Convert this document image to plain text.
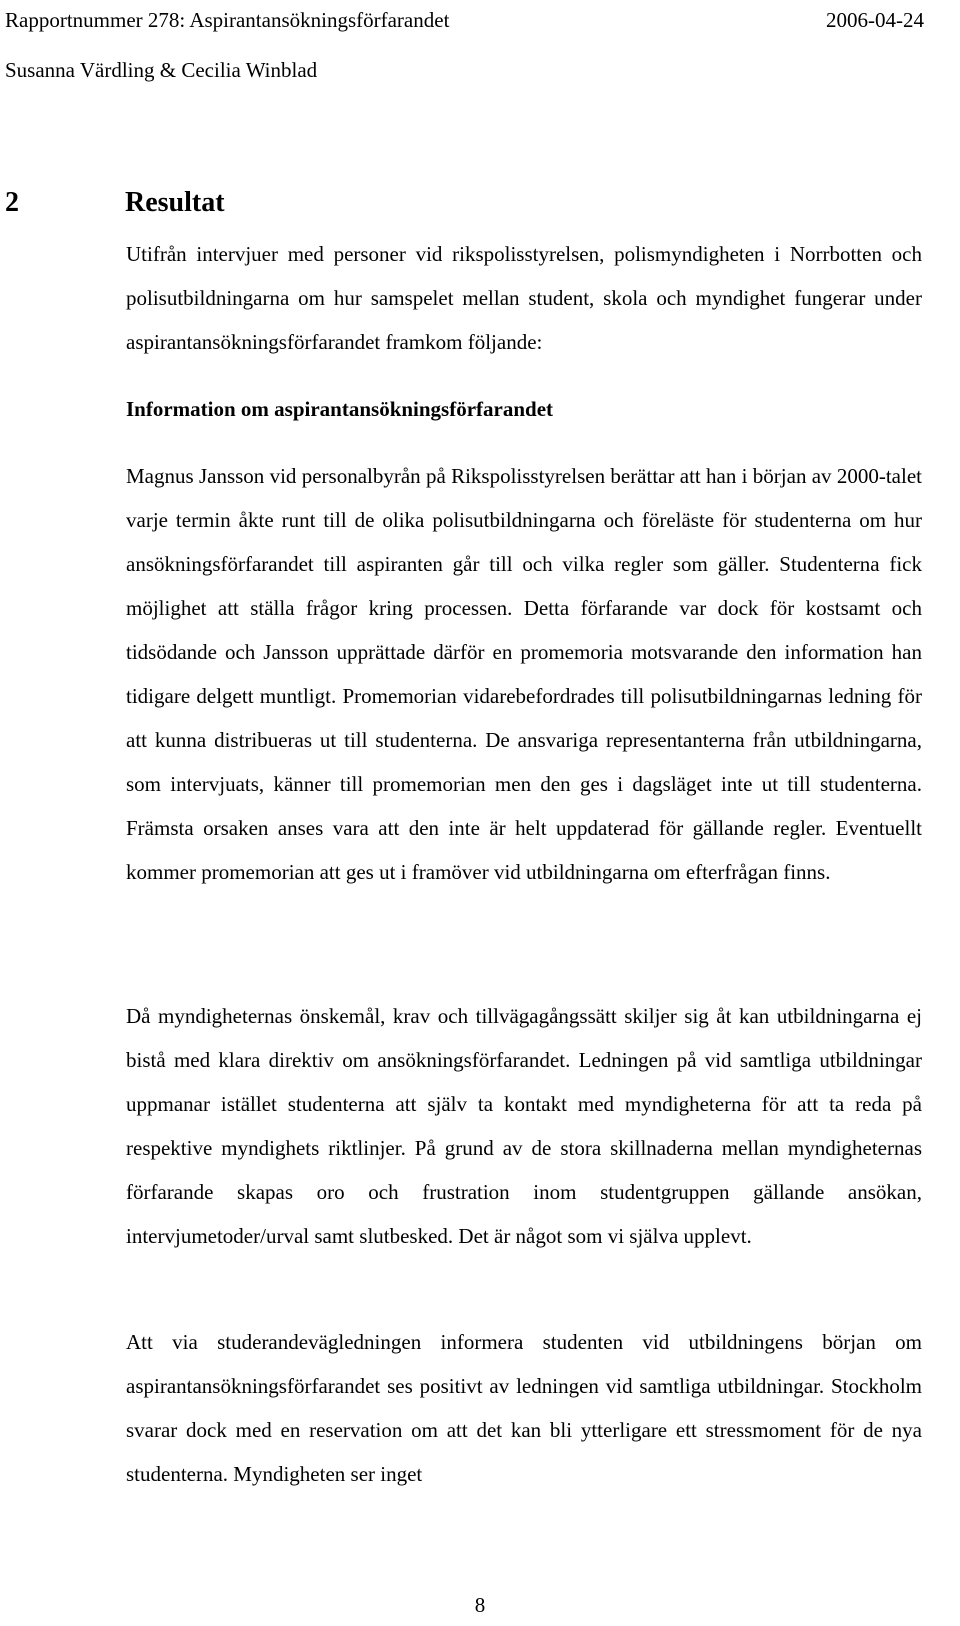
Rapportnummer 278: Aspirantansökningsförfarandet	2006-04-24
Susanna Värdling & Cecilia Winblad
2	Resultat

Utifrån intervjuer med personer vid rikspolisstyrelsen, polismyndigheten i Norrbotten och polisutbildningarna om hur samspelet mellan student, skola och myndighet fungerar under aspirantansökningsförfarandet framkom följande:

Information om aspirantansökningsförfarandet

Magnus Jansson vid personalbyrån på Rikspolisstyrelsen berättar att han i början av 2000-talet varje termin åkte runt till de olika polisutbildningarna och föreläste för studenterna om hur ansökningsförfarandet till aspiranten går till och vilka regler som gäller. Studenterna fick möjlighet att ställa frågor kring processen. Detta förfarande var dock för kostsamt och tidsödande och Jansson upprättade därför en promemoria motsvarande den information han tidigare delgett muntligt. Promemorian vidarebefordrades till polisutbildningarnas ledning för att kunna distribueras ut till studenterna. De ansvariga representanterna från utbildningarna, som intervjuats, känner till promemorian men den ges i dagsläget inte ut till studenterna. Främsta orsaken anses vara att den inte är helt uppdaterad för gällande regler. Eventuellt kommer promemorian att ges ut i framöver vid utbildningarna om efterfrågan finns.

Då myndigheternas önskemål, krav och tillvägagångssätt skiljer sig åt kan utbildningarna ej bistå med klara direktiv om ansökningsförfarandet. Ledningen på vid samtliga utbildningar uppmanar istället studenterna att själv ta kontakt med myndigheterna för att ta reda på respektive myndighets riktlinjer. På grund av de stora skillnaderna mellan myndigheternas förfarande skapas oro och frustration inom studentgruppen gällande ansökan, intervjumetoder/urval samt slutbesked. Det är något som vi själva upplevt.

Att via studerandevägledningen informera studenten vid utbildningens början om aspirantansökningsförfarandet ses positivt av ledningen vid samtliga utbildningar. Stockholm svarar dock med en reservation om att det kan bli ytterligare ett stressmoment för de nya studenterna. Myndigheten ser inget

8
